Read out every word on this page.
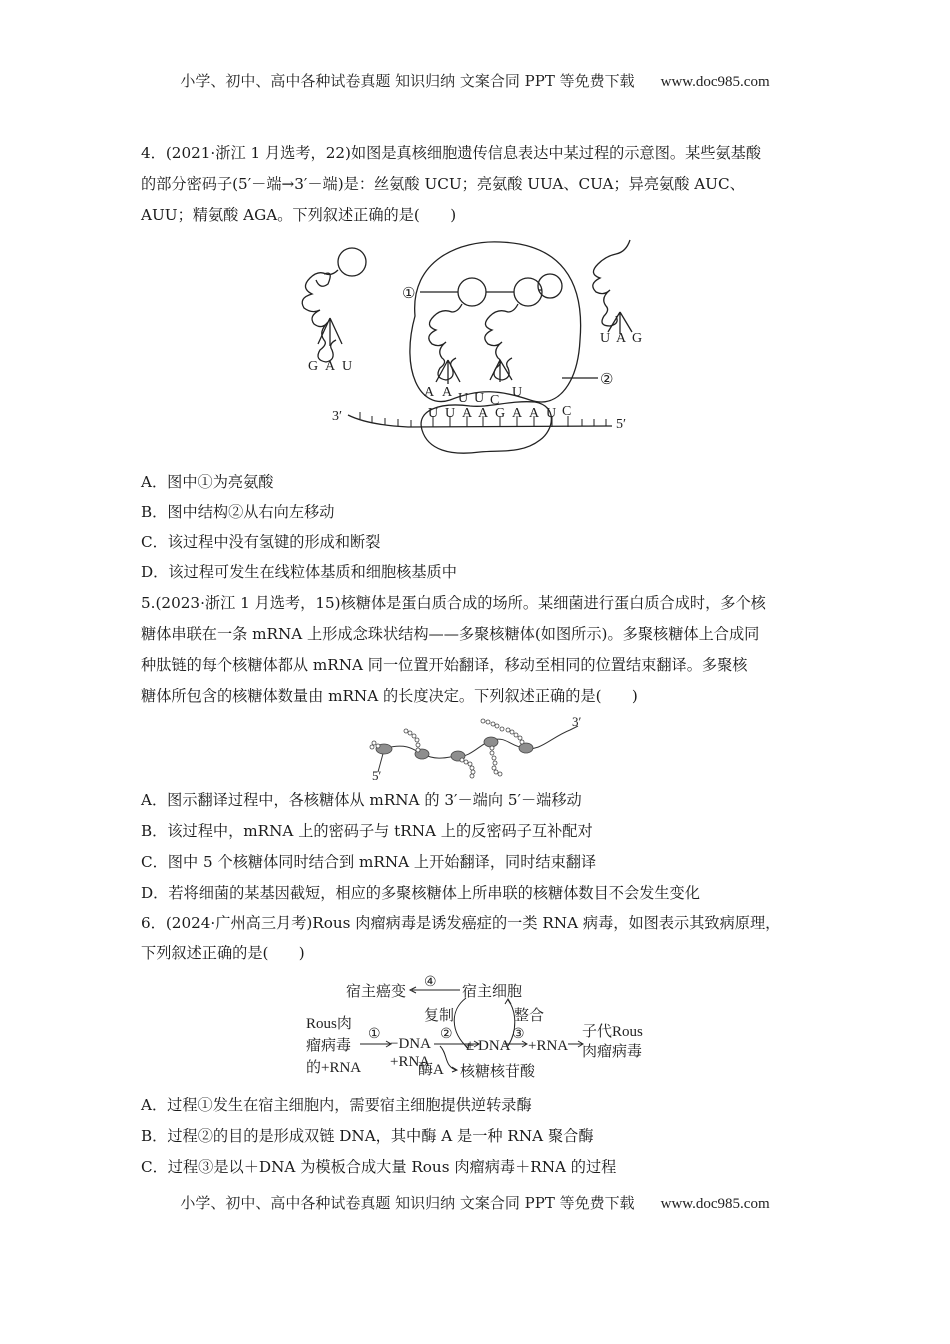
小学、初中、高中各种试卷真题 知识归纳 文案合同 PPT 等免费下载 www.doc985.com
4．(2021·浙江 1 月选考，22)如图是真核细胞遗传信息表达中某过程的示意图。某些氨基酸
的部分密码子(5′－端→3′－端)是：丝氨酸 UCU；亮氨酸 UUA、CUA；异亮氨酸 AUC、
AUU；精氨酸 AGA。下列叙述正确的是(　　)
①
②
G A U
U A G
A A U U C
U
U U A A G A A U C
3′
5′
A．图中①为亮氨酸
B．图中结构②从右向左移动
C．该过程中没有氢键的形成和断裂
D．该过程可发生在线粒体基质和细胞核基质中
5.(2023·浙江 1 月选考，15)核糖体是蛋白质合成的场所。某细菌进行蛋白质合成时，多个核
糖体串联在一条 mRNA 上形成念珠状结构——多聚核糖体(如图所示)。多聚核糖体上合成同
种肽链的每个核糖体都从 mRNA 同一位置开始翻译，移动至相同的位置结束翻译。多聚核
糖体所包含的核糖体数量由 mRNA 的长度决定。下列叙述正确的是(　　)
5′
3′
A．图示翻译过程中，各核糖体从 mRNA 的 3′－端向 5′－端移动
B．该过程中，mRNA 上的密码子与 tRNA 上的反密码子互补配对
C．图中 5 个核糖体同时结合到 mRNA 上开始翻译，同时结束翻译
D．若将细菌的某基因截短，相应的多聚核糖体上所串联的核糖体数目不会发生变化
6．(2024·广州高三月考)Rous 肉瘤病毒是诱发癌症的一类 RNA 病毒，如图表示其致病原理，
下列叙述正确的是(　　)
宿主癌变
④
宿主细胞
复制	整合
Rous肉
瘤病毒
的+RNA
①
−DNA
+RNA
②
酶A
± DNA
③
+RNA
子代Rous
肉瘤病毒
核糖核苷酸
A．过程①发生在宿主细胞内，需要宿主细胞提供逆转录酶
B．过程②的目的是形成双链 DNA，其中酶 A 是一种 RNA 聚合酶
C．过程③是以＋DNA 为模板合成大量 Rous 肉瘤病毒＋RNA 的过程
小学、初中、高中各种试卷真题 知识归纳 文案合同 PPT 等免费下载 www.doc985.com
